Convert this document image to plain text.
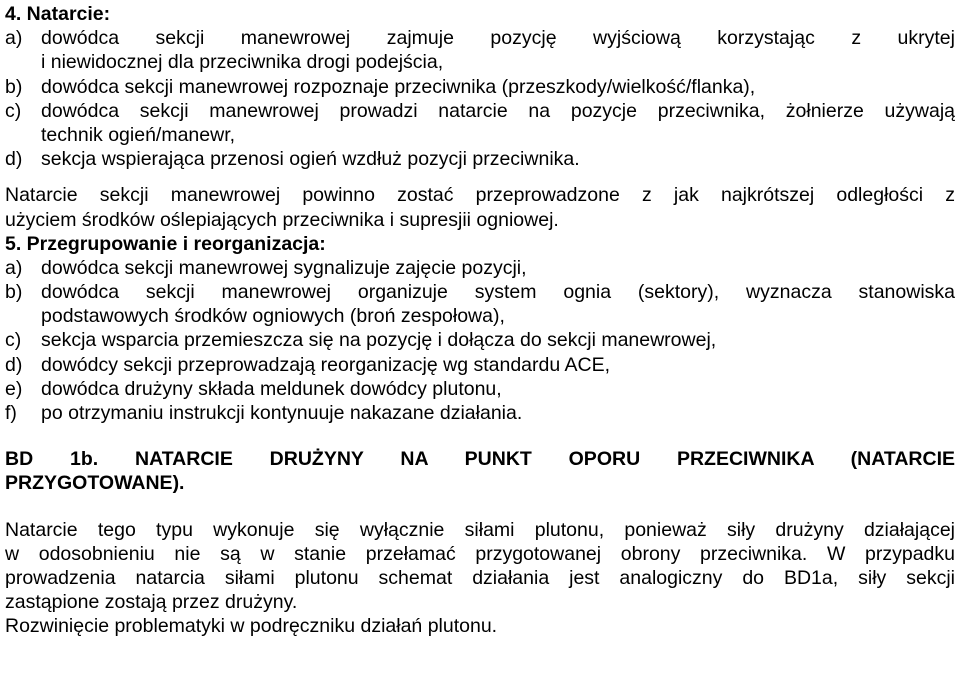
4. Natarcie:
a) dowódca sekcji manewrowej zajmuje pozycję wyjściową korzystając z ukrytej
i niewidocznej dla przeciwnika drogi podejścia,
b) dowódca sekcji manewrowej rozpoznaje przeciwnika (przeszkody/wielkość/flanka),
c)	dowódca sekcji manewrowej prowadzi natarcie na pozycje przeciwnika, żołnierze używają
technik ogień/manewr,
d) sekcja wspierająca przenosi ogień wzdłuż pozycji przeciwnika.
Natarcie sekcji manewrowej powinno zostać przeprowadzone z jak najkrótszej odległości z
użyciem środków oślepiających przeciwnika i supresjii ogniowej.
5. Przegrupowanie i reorganizacja:
a) dowódca sekcji manewrowej sygnalizuje zajęcie pozycji,
b) dowódca sekcji manewrowej organizuje system ognia (sektory), wyznacza stanowiska
podstawowych środków ogniowych (broń zespołowa),
c)	sekcja wsparcia przemieszcza się na pozycję i dołącza do sekcji manewrowej,
d) dowódcy sekcji przeprowadzają reorganizację wg standardu ACE,
e) dowódca drużyny składa meldunek dowódcy plutonu,
f)	po otrzymaniu instrukcji kontynuuje nakazane działania.
BD 1b. NATARCIE DRUŻYNY NA PUNKT OPORU PRZECIWNIKA (NATARCIE
PRZYGOTOWANE).
Natarcie tego typu wykonuje się wyłącznie siłami plutonu, ponieważ siły drużyny działającej
w odosobnieniu nie są w stanie przełamać przygotowanej obrony przeciwnika. W przypadku
prowadzenia natarcia siłami plutonu schemat działania jest analogiczny do BD1a, siły sekcji
zastąpione zostają przez drużyny.
Rozwinięcie problematyki w podręczniku działań plutonu.
